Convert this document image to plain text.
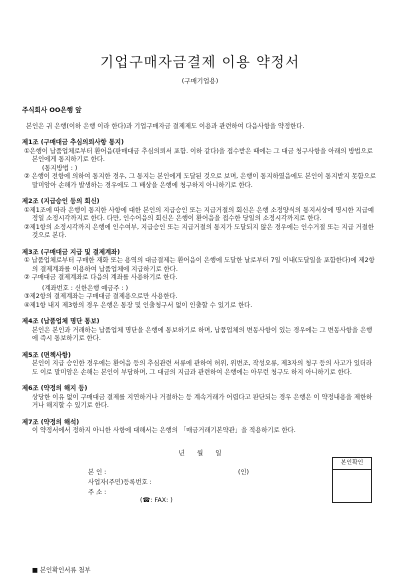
기업구매자금결제 이용 약정서
(구매기업용)
주식회사 OO은행 앞
본인은 귀 은행(이하 은행 이라 한다)과 기업구매자금 결제제도 이용과 관련하여 다음사항을 약정한다.
제1조 (구매대금 추심의뢰사항 통지)
①은행이 납품업체로부터 환어음(판매대금 추심의뢰서 포함. 이하 같다)을 접수받은 때에는 그 대금 청구사항을 아래의 방법으로 본인에게 통지하기로 한다.
(통지방법 : )
② 은행이 전항에 의하여 통지한 경우, 그 통지는 본인에게 도달된 것으로 보며, 은행이 통지하였음에도 본인이 통지받지 못함으로 말미암아 손해가 발생하는 경우에도 그 배상을 은행에 청구하지 아니하기로 한다.
제2조 (지급승인 등의 회신)
①제1조에 따라 은행이 통지한 사항에 대한 본인의 지급승인 또는 지급거절의 회신은 은행 소정양식의 통지서상에 명시한 지급예정일 소정시각까지로 한다. 다만, 인수어음의 회신은 은행이 환어음을 접수한 당일의 소정시각까지로 한다.
②제1항의 소정시각까지 은행에 인수여부, 지급승인 또는 지급거절의 통지가 도달되지 않은 경우에는 인수거절 또는 지급 거절한 것으로 본다.
제3조 (구매대금 지급 및 결제계좌)
① 납품업체로부터 구매한 재화 또는 용역의 대금결제는 환어음이 은행에 도달한 날로부터 7일 이내(도달일을 포함한다)에 제2항의 결제계좌를 이용하여 납품업체에 지급하기로 한다.
② 구매대금 결제계좌로 다음의 계좌를 사용하기로 한다.
(계좌번호 : 신한은행 예금주 : )
③제2항의 결제계좌는 구매대금 결제용으로만 사용한다.
④제1항 내지 제3항의 경우 은행은 통장 및 인출청구서 없이 인출할 수 있기로 한다.
제4조 (납품업체 명단 통보)
본인은 본인과 거래하는 납품업체 명단을 은행에 통보하기로 하며, 납품업체의 변동사항이 있는 경우에는 그 변동사항을 은행에 즉시 통보하기로 한다.
제5조 (면책사항)
본인이 지급 승인한 경우에는 환어음 등의 추심관련 서류에 관하여 허위, 위변조, 작성오류, 제3자의 청구 등의 사고가 있더라도 이로 말미암은 손해는 본인이 부담하며, 그 대금의 지급과 관련하여 은행에는 아무런 청구도 하지 아니하기로 한다.
제6조 (약정의 해지 등)
상당한 이유 없이 구매대금 결제를 지연하거나 거절하는 등 계속거래가 어렵다고 판단되는 경우 은행은 이 약정내용을 제한하거나 해지할 수 있기로 한다.
제7조 (약정의 해석)
이 약정서에서 정하지 아니한 사항에 대해서는 은행의 「매금거래기본약관」을 적용하기로 한다.
년 월 일
본 인 :	(인)
사업자(주민)등록번호 :
주 소 :
(☎: FAX: )
본인확인
■ 본인확인서류 첨부
